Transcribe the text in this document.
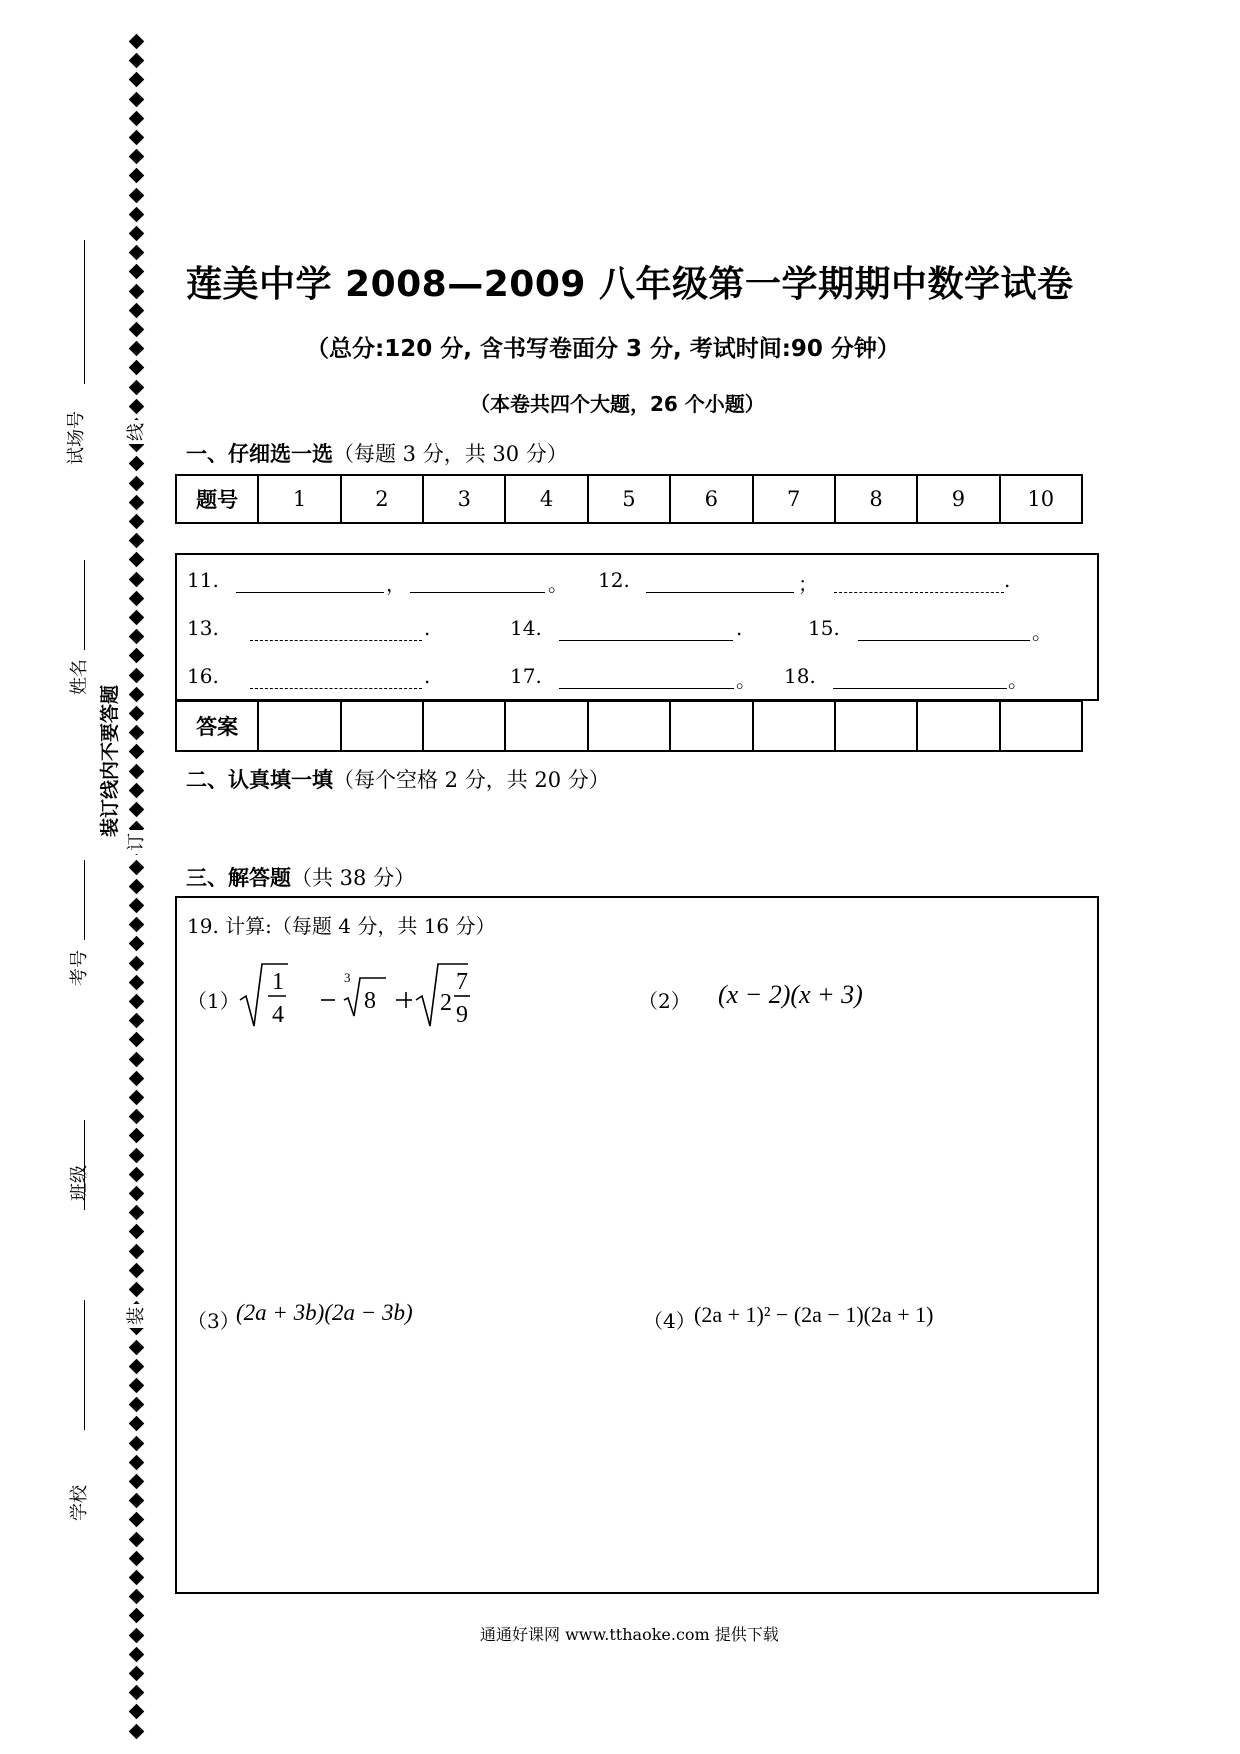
线
订
装
试场号
姓名
考号
班级
学校
装订线内不要答题
莲美中学 2008—2009 八年级第一学期期中数学试卷
（总分:120 分, 含书写卷面分 3 分, 考试时间:90 分钟）
（本卷共四个大题，26 个小题）
一、仔细选一选（每题 3 分，共 30 分）
题号	1	2	3	4	5	6	7	8	9	10
11.	，	。 12.	；	.
13.	.	14.	.	15.	。
16.	.	17.	。 18.	。
答案										
二、认真填一填（每个空格 2 分，共 20 分）
三、解答题（共 38 分）
19. 计算:（每题 4 分，共 16 分）
（1）
1
4
3
8	2
7
9
（2） (x − 2)(x + 3)
（3）
(2a + 3b)(2a − 3b)	（4）
(2a + 1)² − (2a − 1)(2a + 1)
通通好课网 www.tthaoke.com 提供下载
